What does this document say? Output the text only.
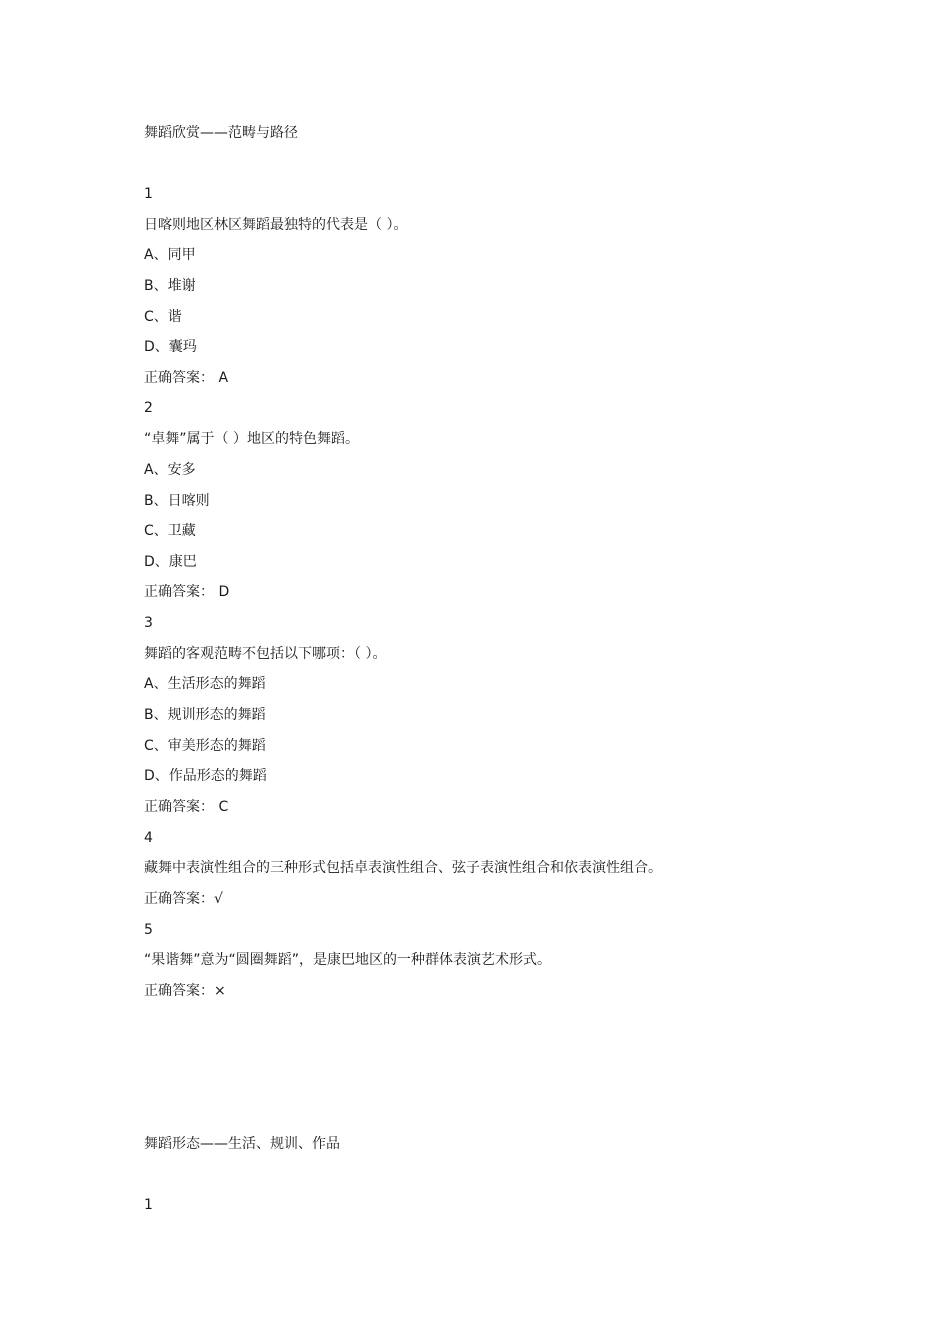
舞蹈欣赏——范畴与路径
1
日喀则地区林区舞蹈最独特的代表是（ ）。
A、同甲
B、堆谢
C、谐
D、囊玛
正确答案： A
2
“卓舞”属于（ ）地区的特色舞蹈。
A、安多
B、日喀则
C、卫藏
D、康巴
正确答案： D
3
舞蹈的客观范畴不包括以下哪项：（ ）。
A、生活形态的舞蹈
B、规训形态的舞蹈
C、审美形态的舞蹈
D、作品形态的舞蹈
正确答案： C
4
藏舞中表演性组合的三种形式包括卓表演性组合、弦子表演性组合和依表演性组合。
正确答案：√
5
“果谐舞”意为“圆圈舞蹈”，是康巴地区的一种群体表演艺术形式。
正确答案：×
舞蹈形态——生活、规训、作品
1
